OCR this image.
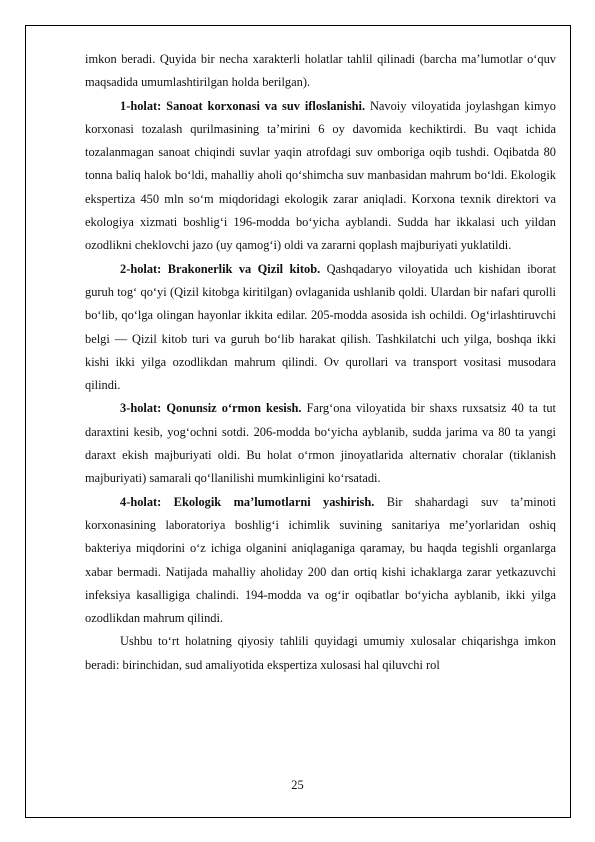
imkon beradi. Quyida bir necha xarakterli holatlar tahlil qilinadi (barcha ma’lumotlar o‘quv maqsadida umumlashtirilgan holda berilgan).

1-holat: Sanoat korxonasi va suv ifloslanishi. Navoiy viloyatida joylashgan kimyo korxonasi tozalash qurilmasining ta’mirini 6 oy davomida kechiktirdi. Bu vaqt ichida tozalanmagan sanoat chiqindi suvlar yaqin atrofdagi suv omboriga oqib tushdi. Oqibatda 80 tonna baliq halok bo‘ldi, mahalliy aholi qo‘shimcha suv manbasidan mahrum bo‘ldi. Ekologik ekspertiza 450 mln so‘m miqdoridagi ekologik zarar aniqladi. Korxona texnik direktori va ekologiya xizmati boshlig‘i 196-modda bo‘yicha ayblandi. Sudda har ikkalasi uch yildan ozodlikni cheklovchi jazo (uy qamog‘i) oldi va zararni qoplash majburiyati yuklatildi.

2-holat: Brakonerlik va Qizil kitob. Qashqadaryo viloyatida uch kishidan iborat guruh tog‘ qo‘yi (Qizil kitobga kiritilgan) ovlaganida ushlanib qoldi. Ulardan bir nafari qurolli bo‘lib, qo‘lga olingan hayonlar ikkita edilar. 205-modda asosida ish ochildi. Og‘irlashtiruvchi belgi — Qizil kitob turi va guruh bo‘lib harakat qilish. Tashkilatchi uch yilga, boshqa ikki kishi ikki yilga ozodlikdan mahrum qilindi. Ov qurollari va transport vositasi musodara qilindi.

3-holat: Qonunsiz o‘rmon kesish. Farg‘ona viloyatida bir shaxs ruxsatsiz 40 ta tut daraxtini kesib, yog‘ochni sotdi. 206-modda bo‘yicha ayblanib, sudda jarima va 80 ta yangi daraxt ekish majburiyati oldi. Bu holat o‘rmon jinoyatlarida alternativ choralar (tiklanish majburiyati) samarali qo‘llanilishi mumkinligini ko‘rsatadi.

4-holat: Ekologik ma’lumotlarni yashirish. Bir shahardagi suv ta’minoti korxonasining laboratoriya boshlig‘i ichimlik suvining sanitariya me’yorlaridan oshiq bakteriya miqdorini o‘z ichiga olganini aniqlaganiga qaramay, bu haqda tegishli organlarga xabar bermadi. Natijada mahalliy aholiday 200 dan ortiq kishi ichaklarga zarar yetkazuvchi infeksiya kasalligiga chalindi. 194-modda va og‘ir oqibatlar bo‘yicha ayblanib, ikki yilga ozodlikdan mahrum qilindi.

Ushbu to‘rt holatning qiyosiy tahlili quyidagi umumiy xulosalar chiqarishga imkon beradi: birinchidan, sud amaliyotida ekspertiza xulosasi hal qiluvchi rol

25
